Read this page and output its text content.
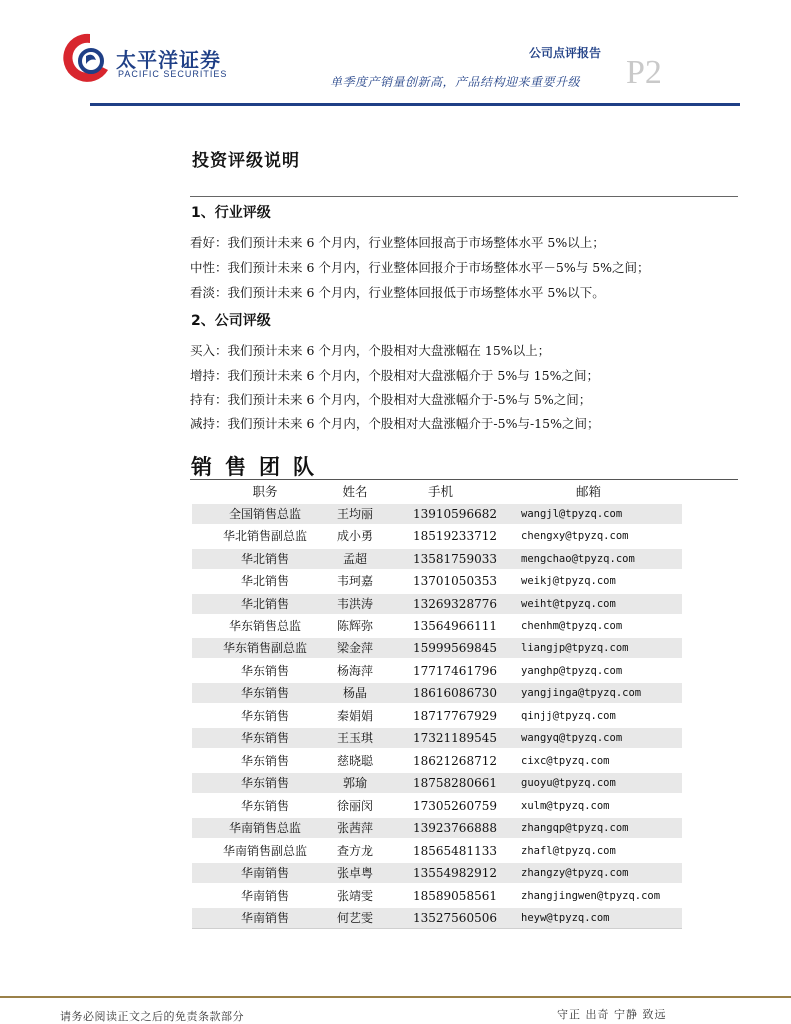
太平洋证券
PACIFIC SECURITIES
公司点评报告
单季度产销量创新高，产品结构迎来重要升级 P2
投资评级说明
1、行业评级
看好：我们预计未来 6 个月内，行业整体回报高于市场整体水平 5%以上；
中性：我们预计未来 6 个月内，行业整体回报介于市场整体水平－5%与 5%之间；
看淡：我们预计未来 6 个月内，行业整体回报低于市场整体水平 5%以下。
2、公司评级
买入：我们预计未来 6 个月内，个股相对大盘涨幅在 15%以上；
增持：我们预计未来 6 个月内，个股相对大盘涨幅介于 5%与 15%之间；
持有：我们预计未来 6 个月内，个股相对大盘涨幅介于-5%与 5%之间；
减持：我们预计未来 6 个月内，个股相对大盘涨幅介于-5%与-15%之间；
销售团队
职务	姓名	手机	邮箱
全国销售总监	王均丽	13910596682	wangjl@tpyzq.com
华北销售副总监	成小勇	18519233712	chengxy@tpyzq.com
华北销售	孟超	13581759033	mengchao@tpyzq.com
华北销售	韦珂嘉	13701050353	weikj@tpyzq.com
华北销售	韦洪涛	13269328776	weiht@tpyzq.com
华东销售总监	陈辉弥	13564966111	chenhm@tpyzq.com
华东销售副总监	梁金萍	15999569845	liangjp@tpyzq.com
华东销售	杨海萍	17717461796	yanghp@tpyzq.com
华东销售	杨晶	18616086730	yangjinga@tpyzq.com
华东销售	秦娟娟	18717767929	qinjj@tpyzq.com
华东销售	王玉琪	17321189545	wangyq@tpyzq.com
华东销售	慈晓聪	18621268712	cixc@tpyzq.com
华东销售	郭瑜	18758280661	guoyu@tpyzq.com
华东销售	徐丽闵	17305260759	xulm@tpyzq.com
华南销售总监	张茜萍	13923766888	zhangqp@tpyzq.com
华南销售副总监	查方龙	18565481133	zhafl@tpyzq.com
华南销售	张卓粤	13554982912	zhangzy@tpyzq.com
华南销售	张靖雯	18589058561	zhangjingwen@tpyzq.com
华南销售	何艺雯	13527560506	heyw@tpyzq.com
请务必阅读正文之后的免责条款部分	守正 出奇 宁静 致远
